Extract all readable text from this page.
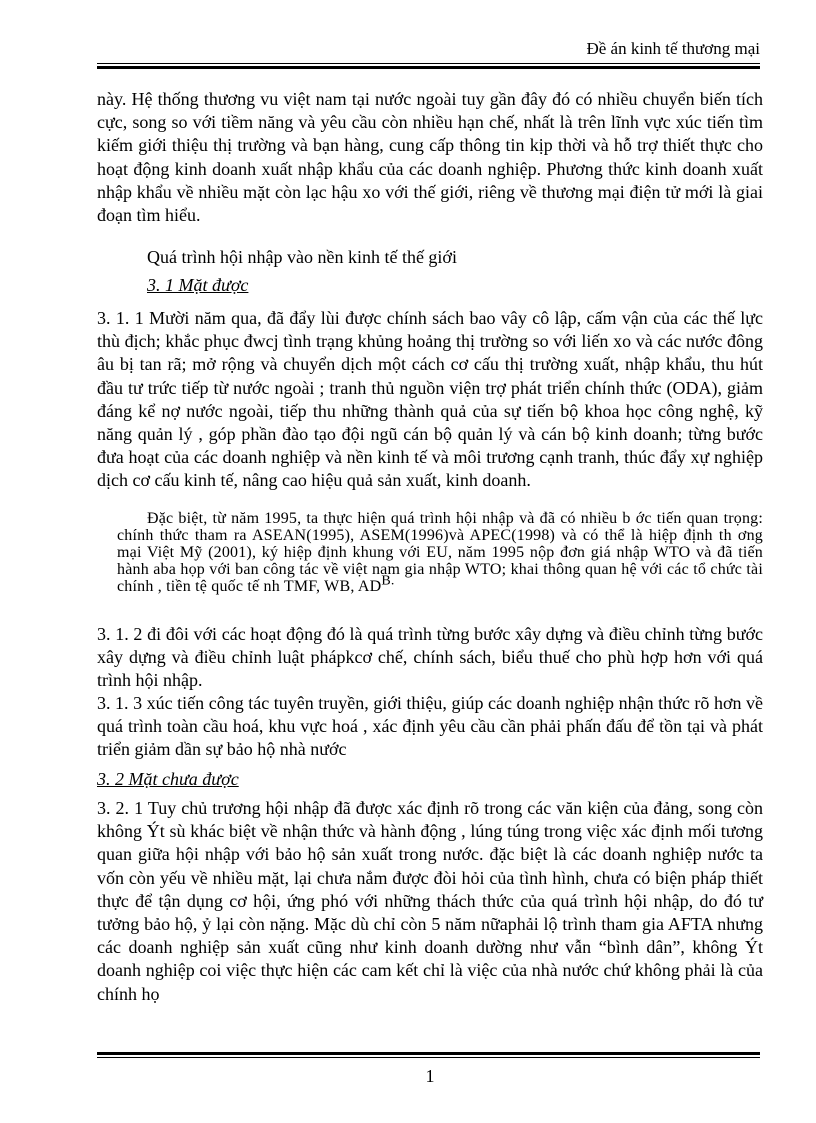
Đề án kinh tế thương mại

này. Hệ thống thương vu việt nam tại nước ngoài tuy gần đây đó có nhiều chuyển biến tích cực, song so với tiềm năng và yêu cầu còn nhiều hạn chế, nhất là trên lĩnh vực xúc tiến tìm kiếm giới thiệu thị trường và bạn hàng, cung cấp thông tin kịp thời và hỗ trợ thiết thực cho hoạt động kinh doanh xuất nhập khẩu của các doanh nghiệp. Phương thức kinh doanh xuất nhập khẩu về nhiều mặt còn lạc hậu xo với thế giới, riêng về thương mại điện tử mới là giai đoạn tìm hiểu.

Quá trình hội nhập vào nền kinh tế thế giới
3. 1 Mặt được

3. 1. 1 Mười năm qua, đã đẩy lùi được chính sách bao vây cô lập, cấm vận của các thế lực thù địch; khắc phục đwcj tình trạng khủng hoảng thị trường so với liến xo và các nước đông âu bị tan rã; mở rộng và chuyển dịch một cách cơ cấu thị trường xuất, nhập khẩu, thu hút đầu tư trức tiếp từ nước ngoài ; tranh thủ nguồn viện trợ phát triển chính thức (ODA), giảm đáng kể nợ nước ngoài, tiếp thu những thành quả của sự tiến bộ khoa học công nghệ, kỹ năng quản lý , góp phần đào tạo đội ngũ cán bộ quản lý và cán bộ kinh doanh; từng bước đưa hoạt của các doanh nghiệp và nền kinh tế và môi trương cạnh tranh, thúc đẩy xự nghiệp dịch cơ cấu kinh tế, nâng cao hiệu quả sản xuất, kinh doanh.

Đặc biệt, từ năm 1995, ta thực hiện quá trình hội nhập và đã có nhiều b ớc tiến quan trọng: chính thức tham ra ASEAN(1995), ASEM(1996)và APEC(1998) và có thể là hiệp định th ơng mại Việt Mỹ (2001), ký hiệp định khung với EU, năm 1995 nộp đơn giá nhập WTO và đã tiến hành aba họp với ban công tác về việt nam gia nhập WTO; khai thông quan hệ với các tổ chức tài chính , tiền tệ quốc tế nh TMF, WB, $AD^{B.}$

3. 1. 2 đi đôi với các hoạt động đó là quá trình từng bước xây dựng và điều chỉnh từng bước xây dựng và điều chỉnh luật phápkcơ chế, chính sách, biểu thuế cho phù hợp hơn với quá trình hội nhập.

3. 1. 3 xúc tiến công tác tuyên truyền, giới thiệu, giúp các doanh nghiệp nhận thức rõ hơn về quá trình toàn cầu hoá, khu vực hoá , xác định yêu cầu cần phải phấn đấu để tồn tại và phát triển giảm dần sự bảo hộ nhà nước

3. 2 Mặt chưa được

3. 2. 1 Tuy chủ trương hội nhập đã được xác định rõ trong các văn kiện của đảng, song còn không Ýt sù khác biệt về nhận thức và hành động , lúng túng trong việc xác định mối tương quan giữa hội nhập với bảo hộ sản xuất trong nước. đặc biệt là các doanh nghiệp nước ta vốn còn yếu về nhiều mặt, lại chưa nắm được đòi hỏi của tình hình, chưa có biện pháp thiết thực để tận dụng cơ hội, ứng phó với những thách thức của quá trình hội nhập, do đó tư tưởng bảo hộ, ỷ lại còn nặng. Mặc dù chỉ còn 5 năm nữaphải lộ trình tham gia AFTA nhưng các doanh nghiệp sản xuất cũng như kinh doanh dường như vẫn “bình dân”, không Ýt doanh nghiệp coi việc thực hiện các cam kết chỉ là việc của nhà nước chứ không phải là của chính họ

1
